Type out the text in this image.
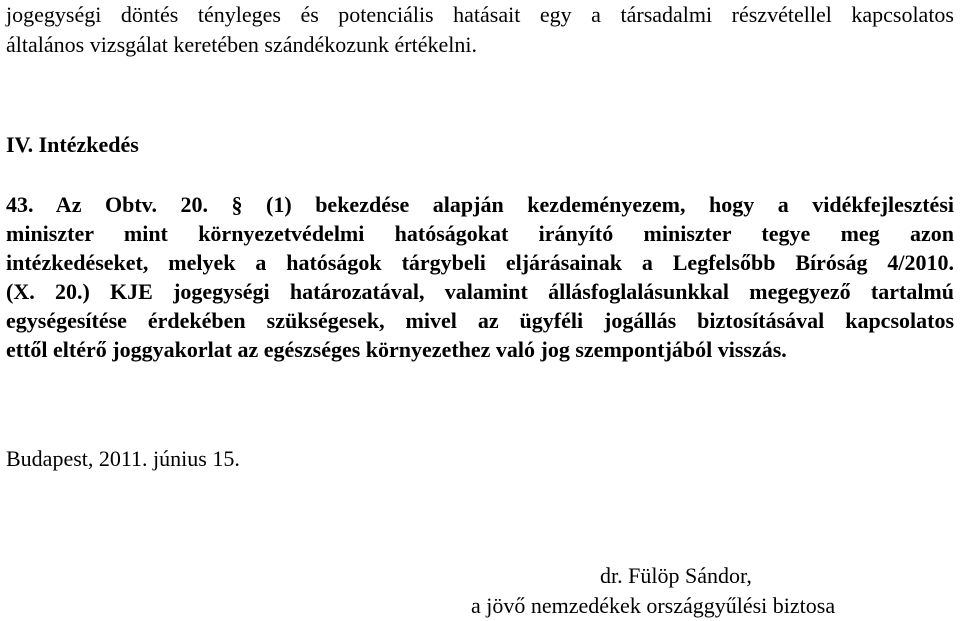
jogegységi döntés tényleges és potenciális hatásait egy a társadalmi részvétellel kapcsolatos
általános vizsgálat keretében szándékozunk értékelni.
IV. Intézkedés
43. Az Obtv. 20. § (1) bekezdése alapján kezdeményezem, hogy a vidékfejlesztési
miniszter mint környezetvédelmi hatóságokat irányító miniszter tegye meg azon
intézkedéseket, melyek a hatóságok tárgybeli eljárásainak a Legfelsőbb Bíróság 4/2010.
(X. 20.) KJE jogegységi határozatával, valamint állásfoglalásunkkal megegyező tartalmú
egységesítése érdekében szükségesek, mivel az ügyféli jogállás biztosításával kapcsolatos
ettől eltérő joggyakorlat az egészséges környezethez való jog szempontjából visszás.
Budapest, 2011. június 15.
dr. Fülöp Sándor,
a jövő nemzedékek országgyűlési biztosa
